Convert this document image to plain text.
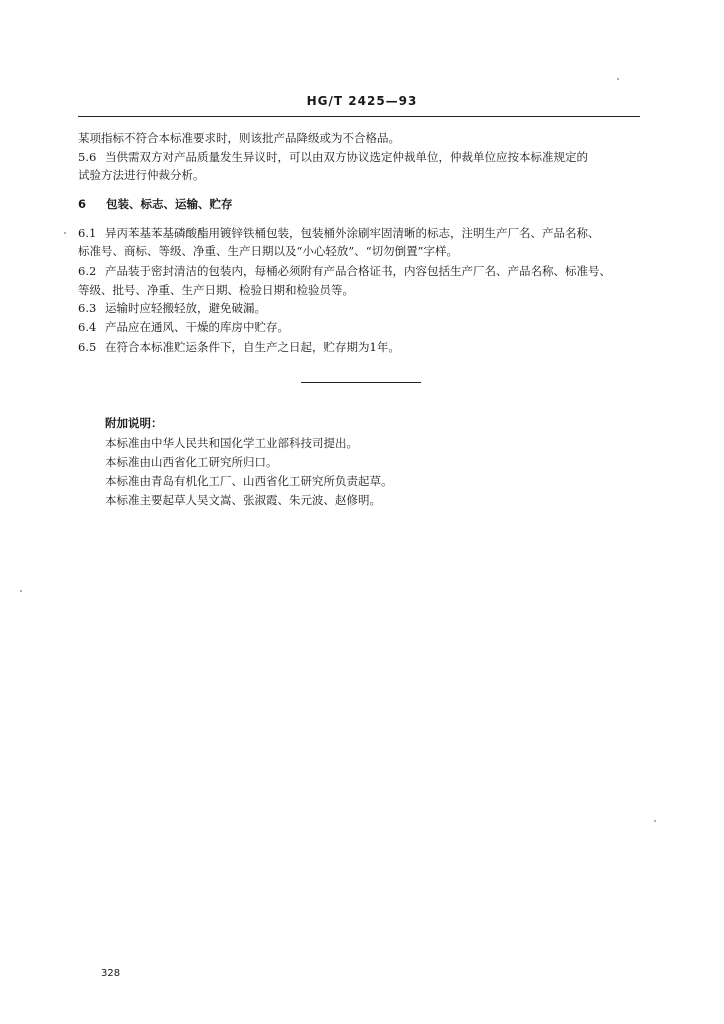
HG/T 2425—93
某项指标不符合本标准要求时，则该批产品降级或为不合格品。
5.6 当供需双方对产品质量发生异议时，可以由双方协议选定仲裁单位，仲裁单位应按本标准规定的
试验方法进行仲裁分析。
6 包装、标志、运输、贮存
6.1 异丙苯基苯基磷酸酯用镀锌铁桶包装，包装桶外涂刷牢固清晰的标志，注明生产厂名、产品名称、
标准号、商标、等级、净重、生产日期以及“小心轻放”、“切勿倒置”字样。
6.2 产品装于密封清洁的包装内，每桶必须附有产品合格证书，内容包括生产厂名、产品名称、标准号、
等级、批号、净重、生产日期、检验日期和检验员等。
6.3 运输时应轻搬轻放，避免破漏。
6.4 产品应在通风、干燥的库房中贮存。
6.5 在符合本标准贮运条件下，自生产之日起，贮存期为1年。
附加说明：
本标准由中华人民共和国化学工业部科技司提出。
本标准由山西省化工研究所归口。
本标准由青岛有机化工厂、山西省化工研究所负责起草。
本标准主要起草人吴文嵩、张淑霞、朱元波、赵修明。
328
